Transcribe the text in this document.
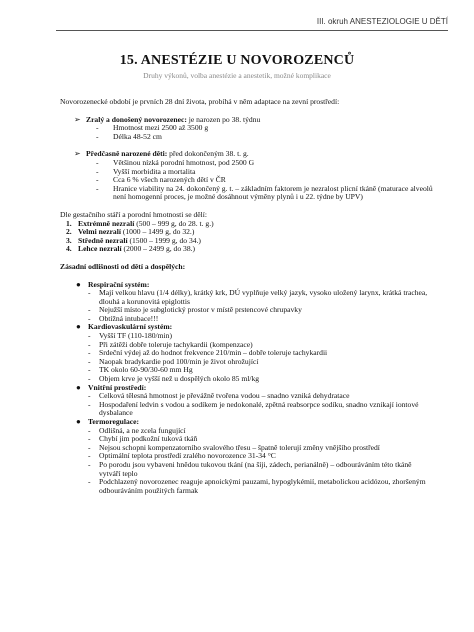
III. okruh ANESTEZIOLOGIE U DĚTÍ
15. ANESTÉZIE U NOVOROZENCŮ
Druhy výkonů, volba anestézie a anestetik, možné komplikace

Novorozenecké období je prvních 28 dní života, probíhá v něm adaptace na zevní prostředí:

➢ Zralý a donošený novorozenec: je narozen po 38. týdnu
- Hmotnost mezi 2500 až 3500 g
- Délka 48-52 cm
➢ Předčasně narozené děti: před dokončeným 38. t. g.
- Většinou nízká porodní hmotnost, pod 2500 G
- Vyšší morbidita a mortalita
- Cca 6 % všech narozených dětí v ČR
- Hranice viability na 24. dokončený g. t. – základním faktorem je nezralost plicní tkáně (maturace alveolů není homogenní proces, je možné dosáhnout výměny plynů i u 22. týdne by UPV)

Dle gestačního stáří a porodní hmotnosti se dělí:

1. Extrémně nezralí (500 – 999 g, do 28. t. g.)
2. Velmi nezralí (1000 – 1499 g, do 32.)
3. Středně nezralí (1500 – 1999 g, do 34.)
4. Lehce nezralí (2000 – 2499 g, do 38.)

Zásadní odlišnosti od dětí a dospělých:

● Respirační systém:
- Mají velkou hlavu (1/4 délky), krátký krk, DÚ vyplňuje velký jazyk, vysoko uložený larynx, krátká trachea, dlouhá a korunovitá epiglottis
- Nejužší místo je subglotický prostor v místě prstencové chrupavky
- Obtížná intubace!!!
● Kardiovaskulární systém:
- Vyšší TF (110-180/min)
- Při zátěži dobře toleruje tachykardii (kompenzace)
- Srdeční výdej až do hodnot frekvence 210/min – dobře toleruje tachykardii
- Naopak bradykardie pod 100/min je život ohrožující
- TK okolo 60-90/30-60 mm Hg
- Objem krve je vyšší než u dospělých okolo 85 ml/kg
● Vnitřní prostředí:
- Celková tělesná hmotnost je převážně tvořena vodou – snadno vzniká dehydratace
- Hospodaření ledvin s vodou a sodíkem je nedokonalé, zpětná reabsorpce sodíku, snadno vznikají iontové dysbalance
● Termoregulace:
- Odlišná, a ne zcela fungující
- Chybí jim podkožní tuková tkáň
- Nejsou schopni kompenzatorního svalového třesu – špatně tolerují změny vnějšího prostředí
- Optimální teplota prostředí zralého novorozence 31-34 °C
- Po porodu jsou vybaveni hnědou tukovou tkání (na šíji, zádech, perianálně) – odbouráváním této tkáně vytváří teplo
- Podchlazený novorozenec reaguje apnoickými pauzami, hypoglykémií, metabolickou acidózou, zhoršeným odbouráváním použitých farmak
